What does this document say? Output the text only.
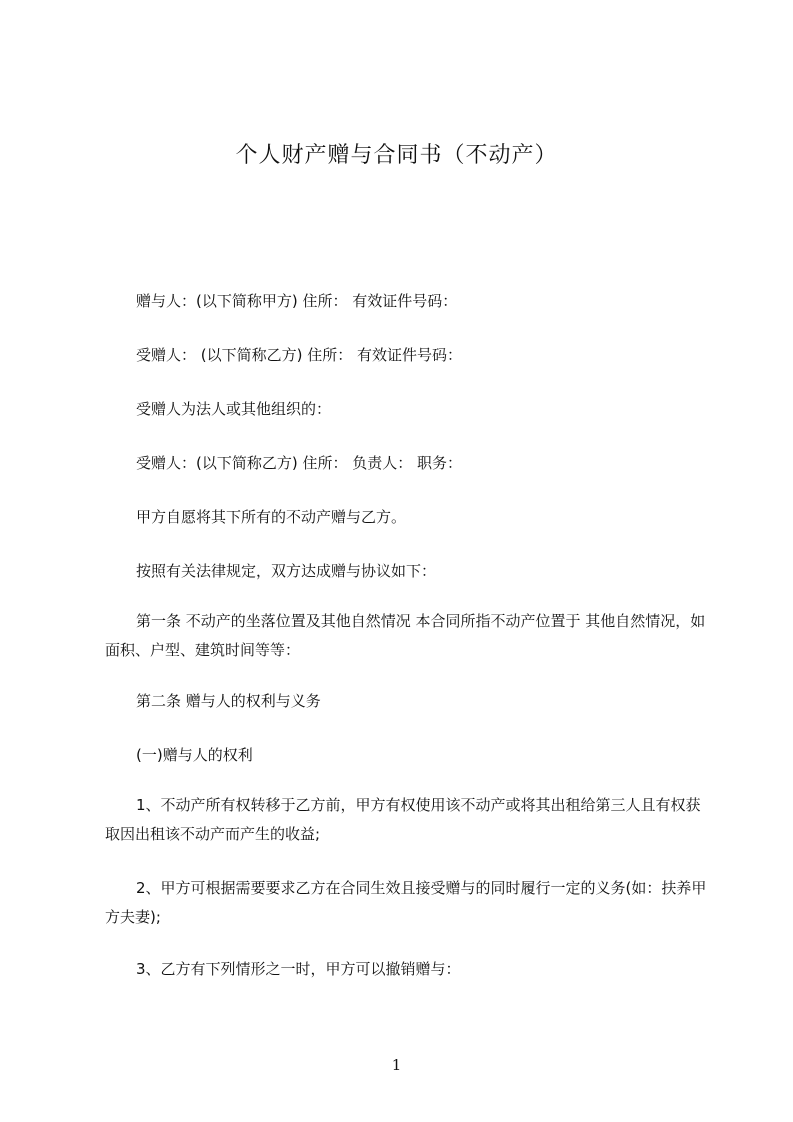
个人财产赠与合同书（不动产）
赠与人：(以下简称甲方) 住所： 有效证件号码：
受赠人： (以下简称乙方) 住所： 有效证件号码：
受赠人为法人或其他组织的：
受赠人：(以下简称乙方) 住所： 负责人： 职务：
甲方自愿将其下所有的不动产赠与乙方。
按照有关法律规定，双方达成赠与协议如下：
第一条 不动产的坐落位置及其他自然情况 本合同所指不动产位置于 其他自然情况，如面积、户型、建筑时间等等：
第二条 赠与人的权利与义务
(一)赠与人的权利
1、不动产所有权转移于乙方前，甲方有权使用该不动产或将其出租给第三人且有权获取因出租该不动产而产生的收益;
2、甲方可根据需要要求乙方在合同生效且接受赠与的同时履行一定的义务(如：扶养甲方夫妻);
3、乙方有下列情形之一时，甲方可以撤销赠与：
1
